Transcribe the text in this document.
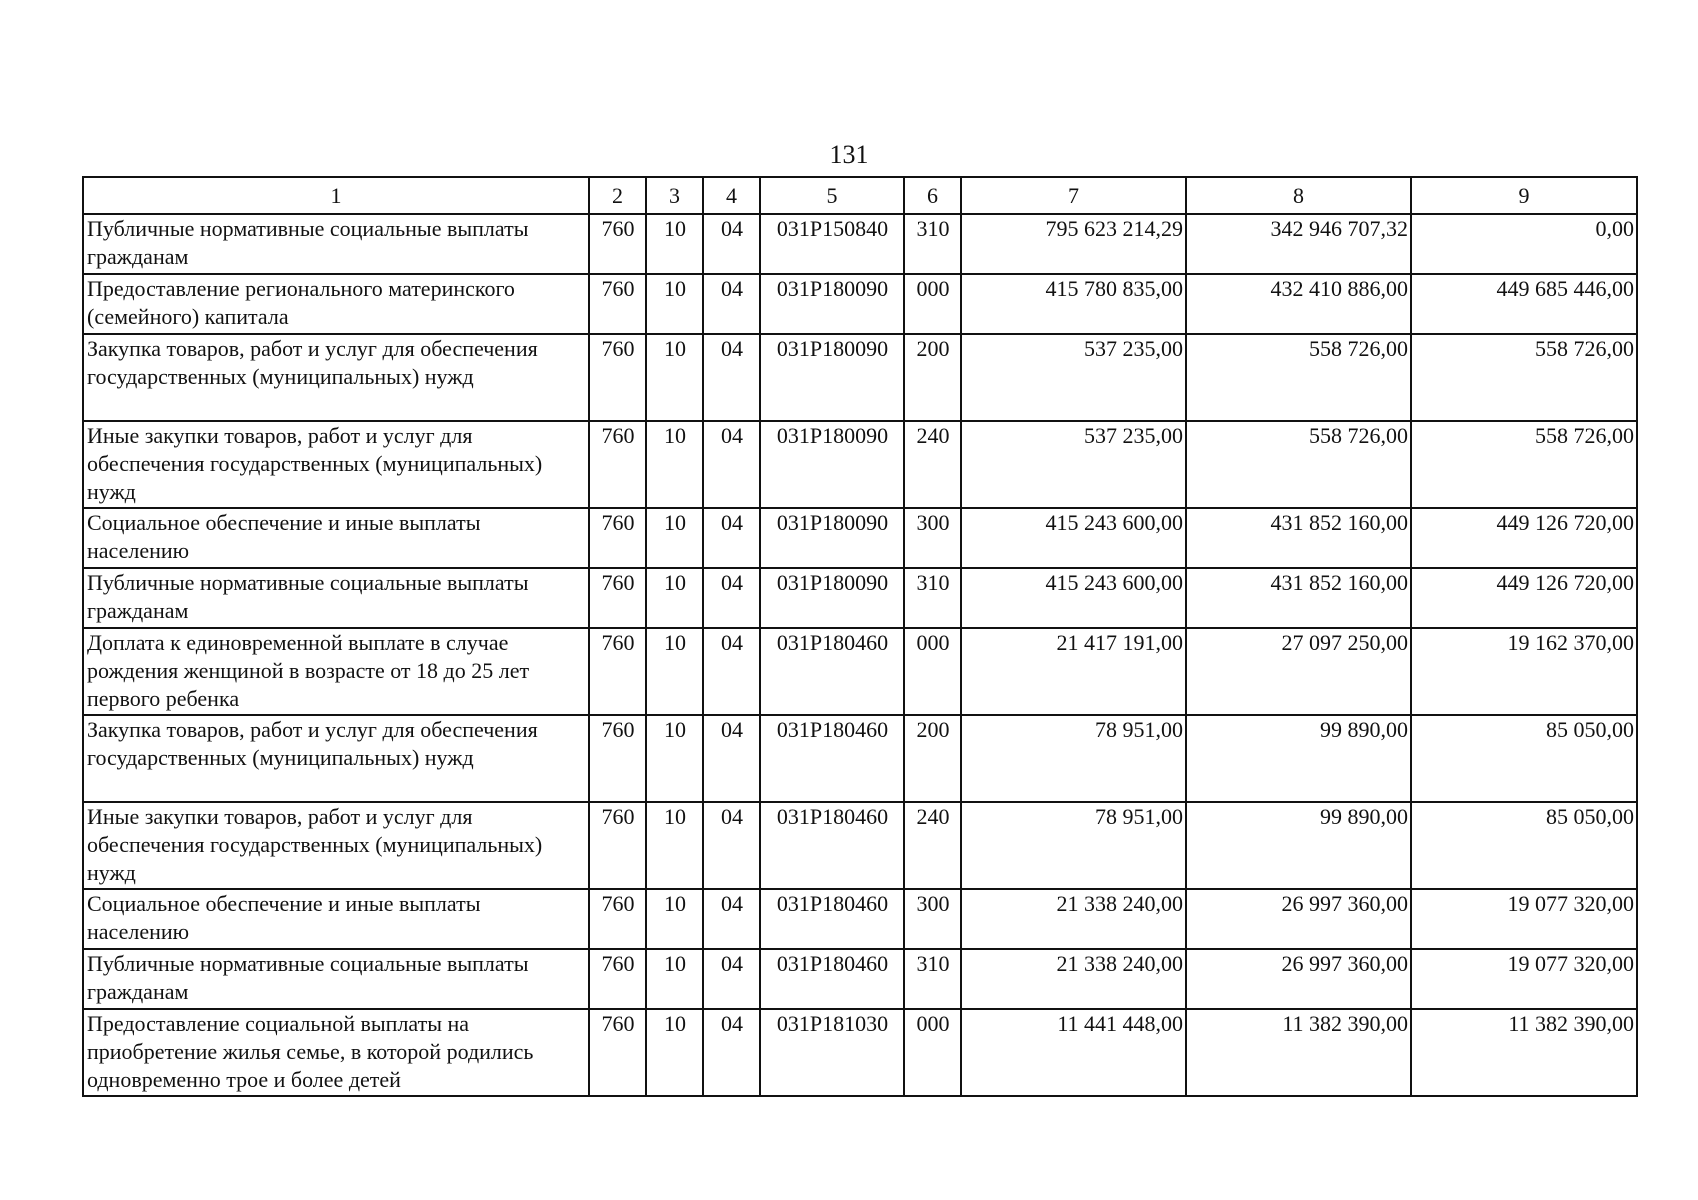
131
1	2	3	4	5	6	7	8	9
Публичные нормативные социальные выплаты гражданам	760	10	04	031P150840	310	795 623 214,29	342 946 707,32	0,00
Предоставление регионального материнского (семейного) капитала	760	10	04	031P180090	000	415 780 835,00	432 410 886,00	449 685 446,00
Закупка товаров, работ и услуг для обеспечения государственных (муниципальных) нужд	760	10	04	031P180090	200	537 235,00	558 726,00	558 726,00
Иные закупки товаров, работ и услуг для обеспечения государственных (муниципальных) нужд	760	10	04	031P180090	240	537 235,00	558 726,00	558 726,00
Социальное обеспечение и иные выплаты населению	760	10	04	031P180090	300	415 243 600,00	431 852 160,00	449 126 720,00
Публичные нормативные социальные выплаты гражданам	760	10	04	031P180090	310	415 243 600,00	431 852 160,00	449 126 720,00
Доплата к единовременной выплате в случае рождения женщиной в возрасте от 18 до 25 лет первого ребенка	760	10	04	031P180460	000	21 417 191,00	27 097 250,00	19 162 370,00
Закупка товаров, работ и услуг для обеспечения государственных (муниципальных) нужд	760	10	04	031P180460	200	78 951,00	99 890,00	85 050,00
Иные закупки товаров, работ и услуг для обеспечения государственных (муниципальных) нужд	760	10	04	031P180460	240	78 951,00	99 890,00	85 050,00
Социальное обеспечение и иные выплаты населению	760	10	04	031P180460	300	21 338 240,00	26 997 360,00	19 077 320,00
Публичные нормативные социальные выплаты гражданам	760	10	04	031P180460	310	21 338 240,00	26 997 360,00	19 077 320,00
Предоставление социальной выплаты на приобретение жилья семье, в которой родились одновременно трое и более детей	760	10	04	031P181030	000	11 441 448,00	11 382 390,00	11 382 390,00
